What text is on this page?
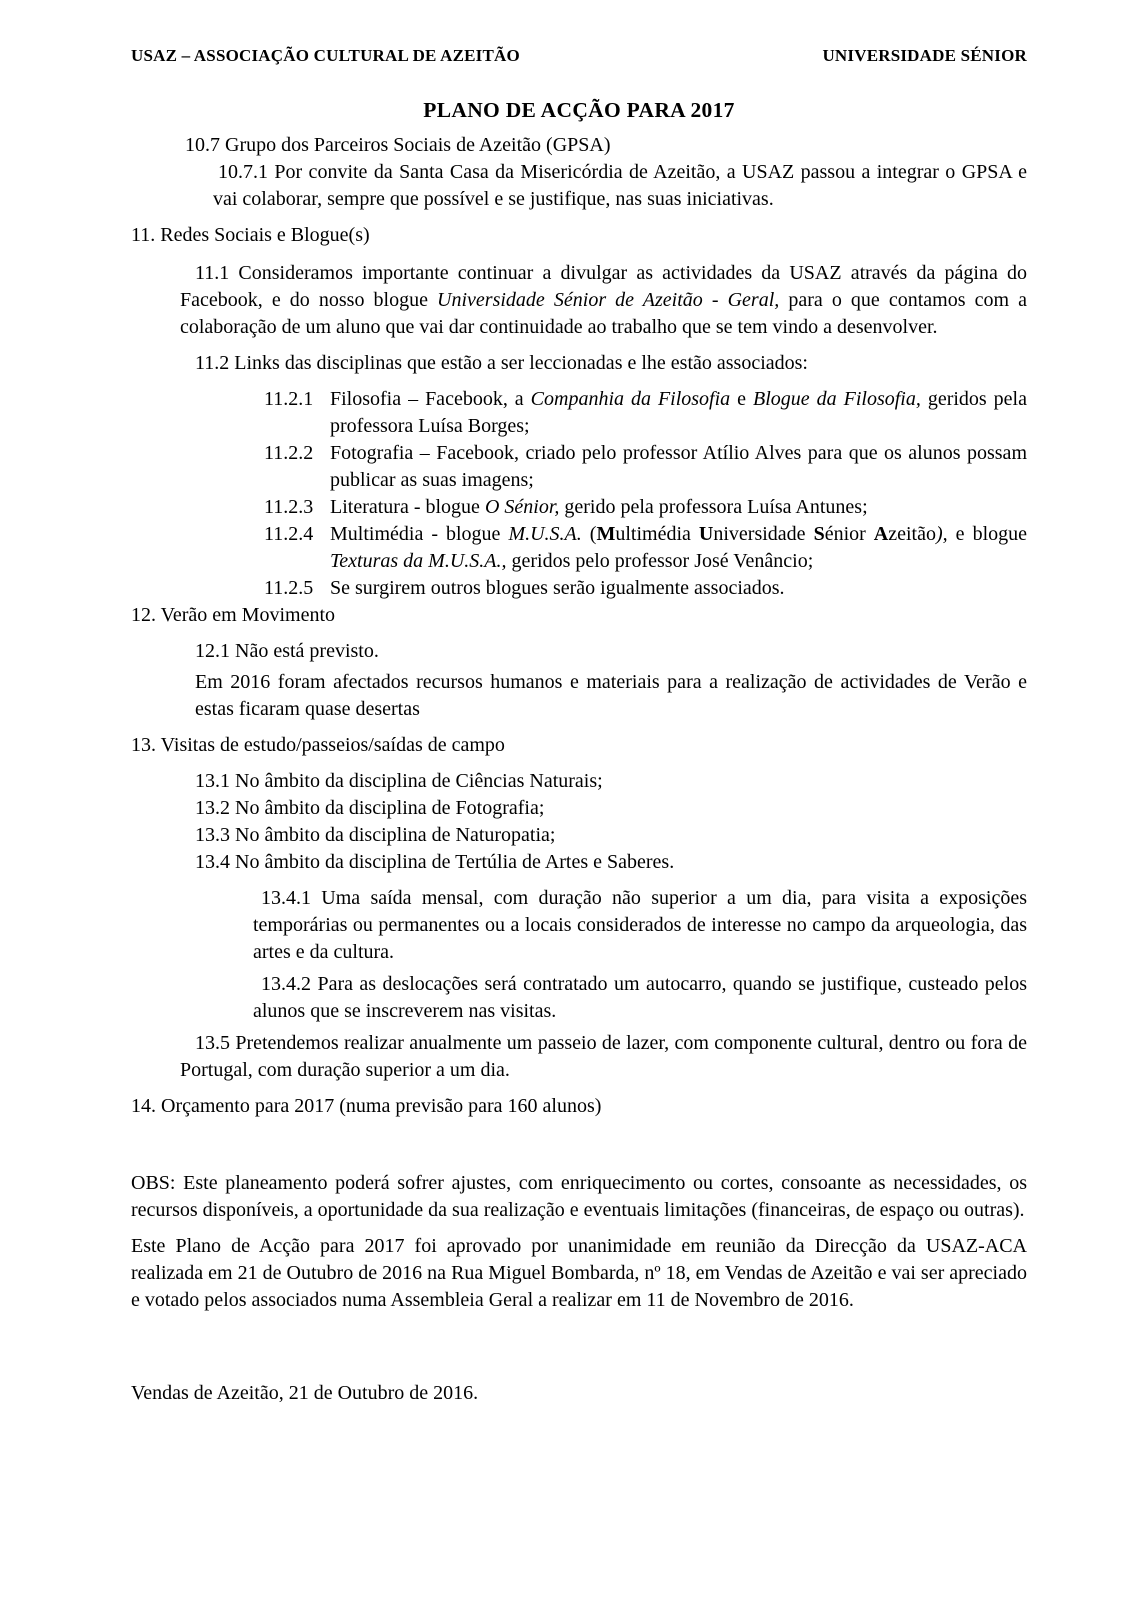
USAZ – ASSOCIAÇÃO CULTURAL DE AZEITÃO	UNIVERSIDADE SÉNIOR
PLANO DE ACÇÃO PARA 2017

10.7 Grupo dos Parceiros Sociais de Azeitão (GPSA)

10.7.1 Por convite da Santa Casa da Misericórdia de Azeitão, a USAZ passou a integrar o GPSA e vai colaborar, sempre que possível e se justifique, nas suas iniciativas.

11. Redes Sociais e Blogue(s)

11.1 Consideramos importante continuar a divulgar as actividades da USAZ através da página do Facebook, e do nosso blogue Universidade Sénior de Azeitão - Geral, para o que contamos com a colaboração de um aluno que vai dar continuidade ao trabalho que se tem vindo a desenvolver.

11.2 Links das disciplinas que estão a ser leccionadas e lhe estão associados:

11.2.1 Filosofia – Facebook, a Companhia da Filosofia e Blogue da Filosofia, geridos pela professora Luísa Borges;

11.2.2 Fotografia – Facebook, criado pelo professor Atílio Alves para que os alunos possam publicar as suas imagens;

11.2.3 Literatura - blogue O Sénior, gerido pela professora Luísa Antunes;

11.2.4 Multimédia - blogue M.U.S.A. (Multimédia Universidade Sénior Azeitão), e blogue Texturas da M.U.S.A., geridos pelo professor José Venâncio;

11.2.5 Se surgirem outros blogues serão igualmente associados.

12. Verão em Movimento

12.1 Não está previsto.

Em 2016 foram afectados recursos humanos e materiais para a realização de actividades de Verão e estas ficaram quase desertas

13. Visitas de estudo/passeios/saídas de campo

13.1 No âmbito da disciplina de Ciências Naturais;

13.2 No âmbito da disciplina de Fotografia;

13.3 No âmbito da disciplina de Naturopatia;

13.4 No âmbito da disciplina de Tertúlia de Artes e Saberes.

13.4.1 Uma saída mensal, com duração não superior a um dia, para visita a exposições temporárias ou permanentes ou a locais considerados de interesse no campo da arqueologia, das artes e da cultura.

13.4.2 Para as deslocações será contratado um autocarro, quando se justifique, custeado pelos alunos que se inscreverem nas visitas.

13.5 Pretendemos realizar anualmente um passeio de lazer, com componente cultural, dentro ou fora de Portugal, com duração superior a um dia.

14. Orçamento para 2017 (numa previsão para 160 alunos)

OBS: Este planeamento poderá sofrer ajustes, com enriquecimento ou cortes, consoante as necessidades, os recursos disponíveis, a oportunidade da sua realização e eventuais limitações (financeiras, de espaço ou outras).

Este Plano de Acção para 2017 foi aprovado por unanimidade em reunião da Direcção da USAZ-ACA realizada em 21 de Outubro de 2016 na Rua Miguel Bombarda, nº 18, em Vendas de Azeitão e vai ser apreciado e votado pelos associados numa Assembleia Geral a realizar em 11 de Novembro de 2016.

Vendas de Azeitão, 21 de Outubro de 2016.
